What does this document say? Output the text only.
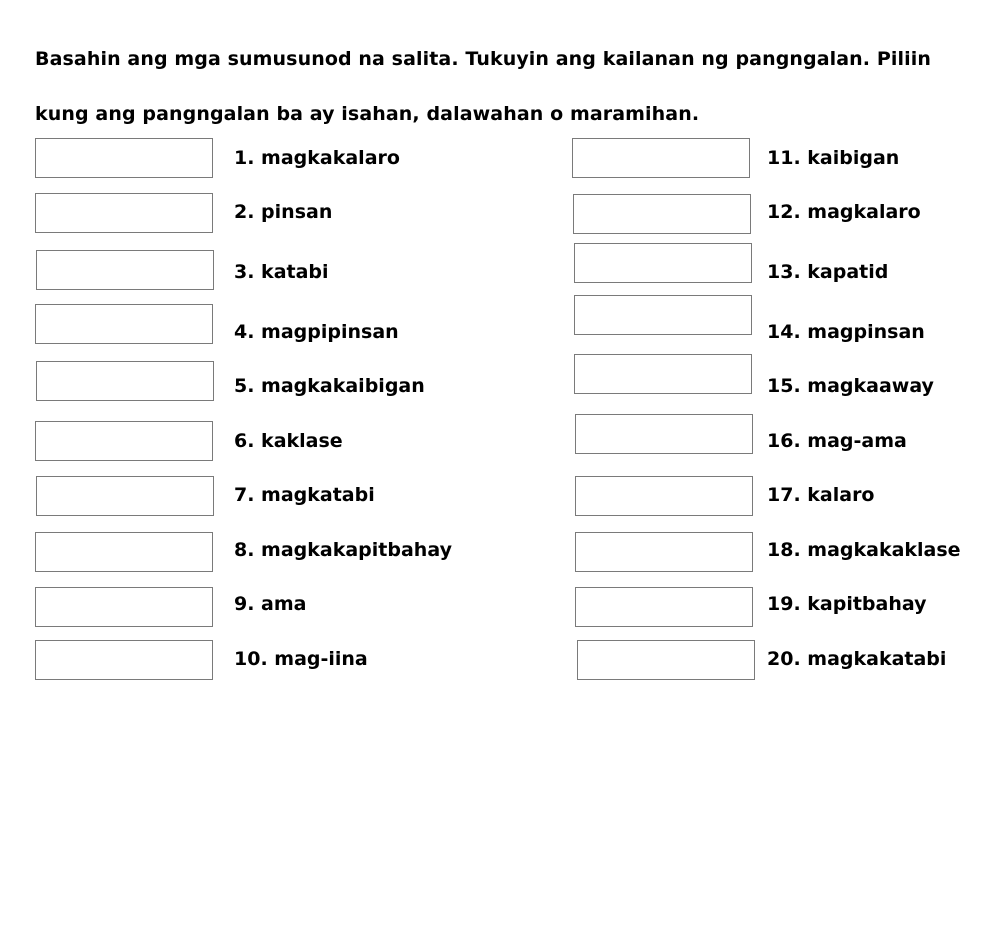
Basahin ang mga sumusunod na salita. Tukuyin ang kailanan ng pangngalan. Piliin

kung ang pangngalan ba ay isahan, dalawahan o maramihan.

1. magkakalaro
2. pinsan
3. katabi
4. magpipinsan
5. magkakaibigan
6. kaklase
7. magkatabi
8. magkakapitbahay
9. ama
10. mag-iina
11. kaibigan
12. magkalaro
13. kapatid
14. magpinsan
15. magkaaway
16. mag-ama
17. kalaro
18. magkakaklase
19. kapitbahay
20. magkakatabi
